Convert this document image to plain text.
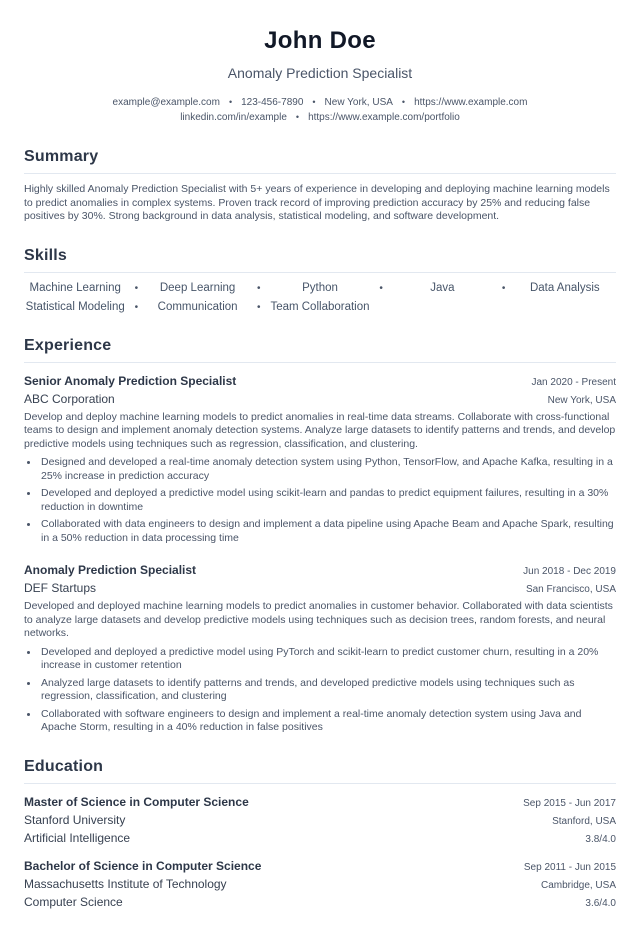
John Doe
Anomaly Prediction Specialist
example@example.com • 123-456-7890 • New York, USA • https://www.example.com
linkedin.com/in/example • https://www.example.com/portfolio
Summary

Highly skilled Anomaly Prediction Specialist with 5+ years of experience in developing and deploying machine learning models to predict anomalies in complex systems. Proven track record of improving prediction accuracy by 25% and reducing false positives by 30%. Strong background in data analysis, statistical modeling, and software development.

Skills
Machine Learning	•	Deep Learning	•	Python	•	Java	•	Data Analysis
Statistical Modeling •	Communication	• Team Collaboration
Experience
Senior Anomaly Prediction Specialist	Jan 2020 - Present
ABC Corporation	New York, USA

Develop and deploy machine learning models to predict anomalies in real-time data streams. Collaborate with cross-functional teams to design and implement anomaly detection systems. Analyze large datasets to identify patterns and trends, and develop predictive models using techniques such as regression, classification, and clustering.

• Designed and developed a real-time anomaly detection system using Python, TensorFlow, and Apache Kafka, resulting in a 25% increase in prediction accuracy
• Developed and deployed a predictive model using scikit-learn and pandas to predict equipment failures, resulting in a 30% reduction in downtime
• Collaborated with data engineers to design and implement a data pipeline using Apache Beam and Apache Spark, resulting in a 50% reduction in data processing time
Anomaly Prediction Specialist	Jun 2018 - Dec 2019
DEF Startups	San Francisco, USA

Developed and deployed machine learning models to predict anomalies in customer behavior. Collaborated with data scientists to analyze large datasets and develop predictive models using techniques such as decision trees, random forests, and neural networks.

• Developed and deployed a predictive model using PyTorch and scikit-learn to predict customer churn, resulting in a 20% increase in customer retention
• Analyzed large datasets to identify patterns and trends, and developed predictive models using techniques such as regression, classification, and clustering
• Collaborated with software engineers to design and implement a real-time anomaly detection system using Java and Apache Storm, resulting in a 40% reduction in false positives
Education
Master of Science in Computer Science	Sep 2015 - Jun 2017
Stanford University	Stanford, USA
Artificial Intelligence	3.8/4.0
Bachelor of Science in Computer Science	Sep 2011 - Jun 2015
Massachusetts Institute of Technology	Cambridge, USA
Computer Science	3.6/4.0
